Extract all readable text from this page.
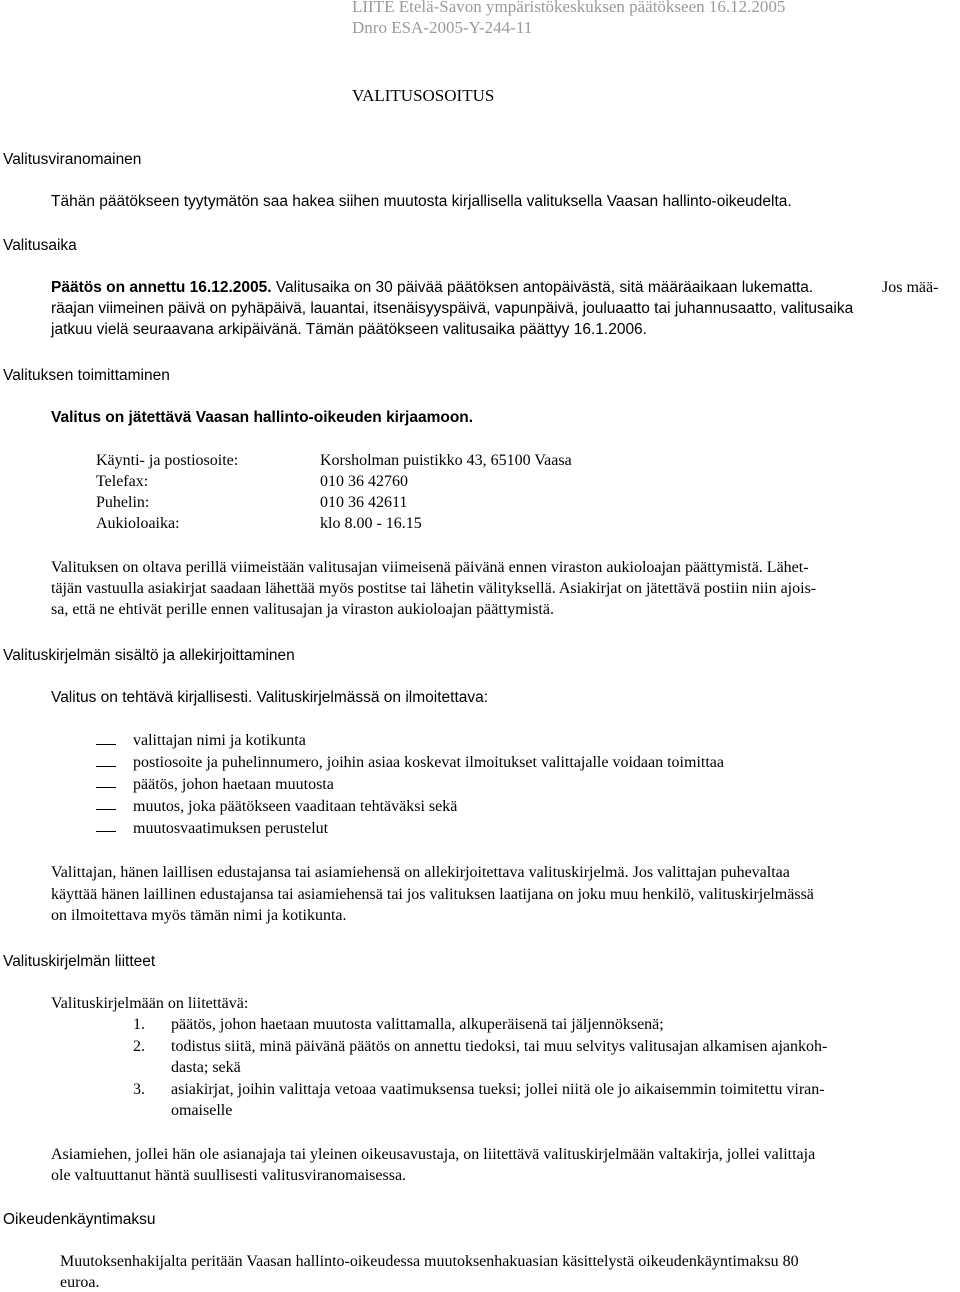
LIITE Etelä-Savon ympäristökeskuksen päätökseen 16.12.2005
Dnro ESA-2005-Y-244-11
VALITUSOSOITUS
Valitusviranomainen
Tähän päätökseen tyytymätön saa hakea siihen muutosta kirjallisella valituksella Vaasan hallinto-oikeudelta.
Valitusaika
Päätös on annettu 16.12.2005. Valitusaika on 30 päivää päätöksen antopäivästä, sitä määräaikaan lukematta.	Jos mää-
räajan viimeinen päivä on pyhäpäivä, lauantai, itsenäisyyspäivä, vapunpäivä, jouluaatto tai juhannusaatto, valitusaika
jatkuu vielä seuraavana arkipäivänä. Tämän päätökseen valitusaika päättyy 16.1.2006.
Valituksen toimittaminen
Valitus on jätettävä Vaasan hallinto-oikeuden kirjaamoon.
Käynti- ja postiosoite:	Korsholman puistikko 43, 65100 Vaasa
Telefax:	010 36 42760
Puhelin:	010 36 42611
Aukioloaika:	klo 8.00 - 16.15
Valituksen on oltava perillä viimeistään valitusajan viimeisenä päivänä ennen viraston aukioloajan päättymistä. Lähet-
täjän vastuulla asiakirjat saadaan lähettää myös postitse tai lähetin välityksellä. Asiakirjat on jätettävä postiin niin ajois-
sa, että ne ehtivät perille ennen valitusajan ja viraston aukioloajan päättymistä.
Valituskirjelmän sisältö ja allekirjoittaminen
Valitus on tehtävä kirjallisesti. Valituskirjelmässä on ilmoitettava:
valittajan nimi ja kotikunta
postiosoite ja puhelinnumero, joihin asiaa koskevat ilmoitukset valittajalle voidaan toimittaa
päätös, johon haetaan muutosta
muutos, joka päätökseen vaaditaan tehtäväksi sekä
muutosvaatimuksen perustelut
Valittajan, hänen laillisen edustajansa tai asiamiehensä on allekirjoitettava valituskirjelmä. Jos valittajan puhevaltaa
käyttää hänen laillinen edustajansa tai asiamiehensä tai jos valituksen laatijana on joku muu henkilö, valituskirjelmässä
on ilmoitettava myös tämän nimi ja kotikunta.
Valituskirjelmän liitteet
Valituskirjelmään on liitettävä:
1. päätös, johon haetaan muutosta valittamalla, alkuperäisenä tai jäljennöksenä;
2. todistus siitä, minä päivänä päätös on annettu tiedoksi, tai muu selvitys valitusajan alkamisen ajankoh-
dasta; sekä
3. asiakirjat, joihin valittaja vetoaa vaatimuksensa tueksi; jollei niitä ole jo aikaisemmin toimitettu viran-
omaiselle
Asiamiehen, jollei hän ole asianajaja tai yleinen oikeusavustaja, on liitettävä valituskirjelmään valtakirja, jollei valittaja
ole valtuuttanut häntä suullisesti valitusviranomaisessa.
Oikeudenkäyntimaksu
Muutoksenhakijalta peritään Vaasan hallinto-oikeudessa muutoksenhakuasian käsittelystä oikeudenkäyntimaksu 80
euroa.
